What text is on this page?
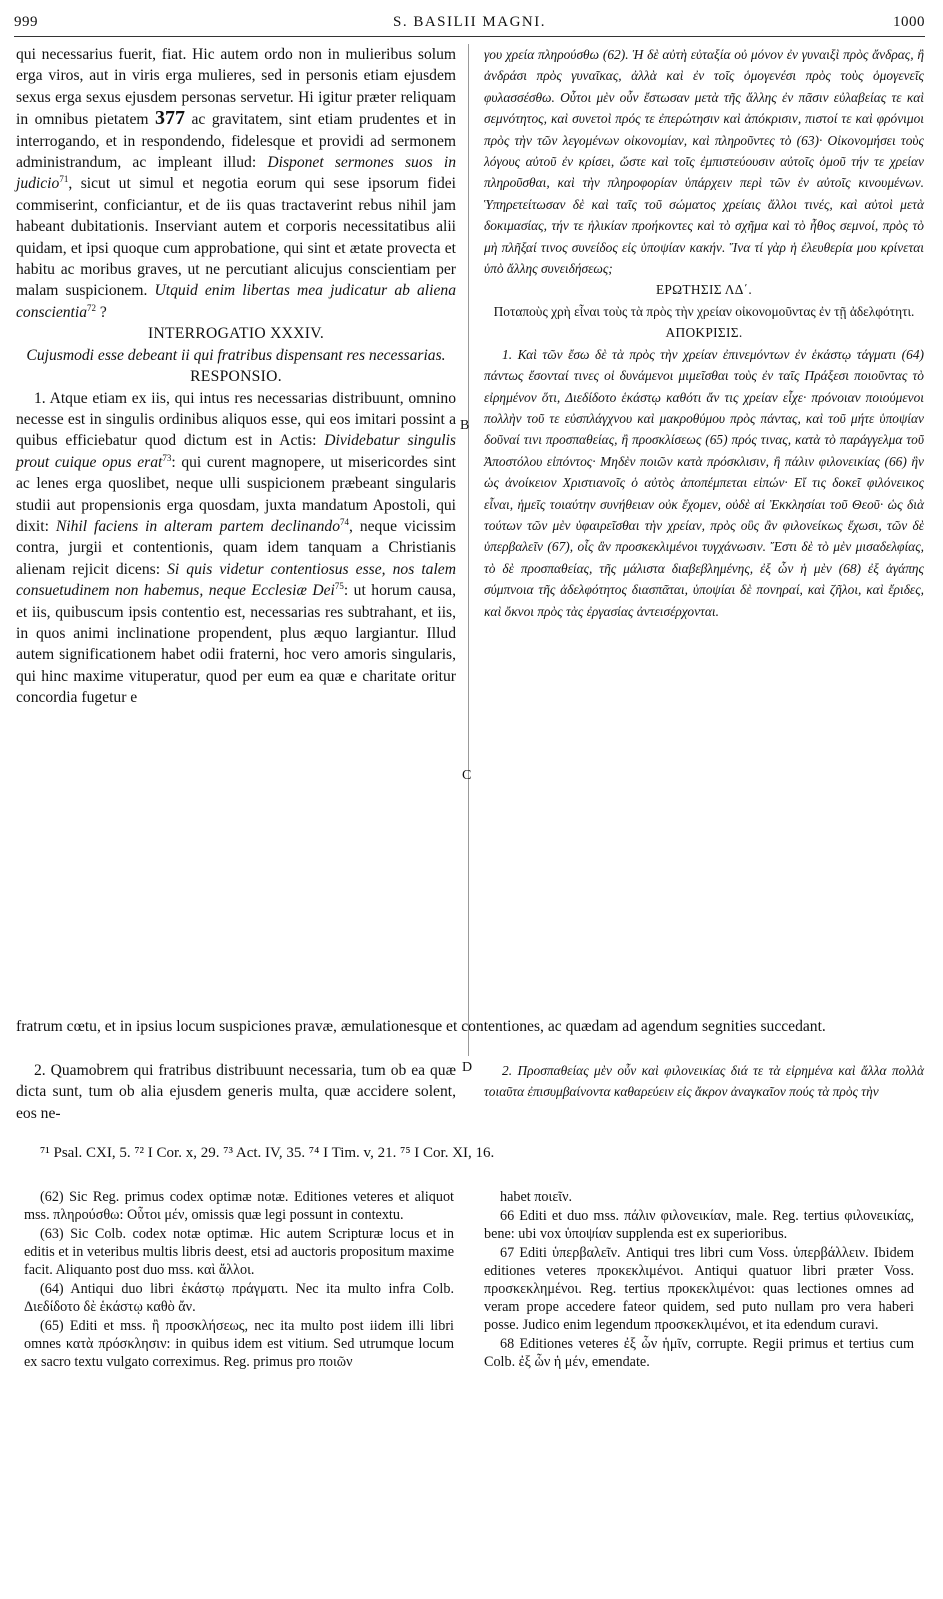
999	S. BASILII MAGNI.	1000

qui necessarius fuerit, fiat. Hic autem ordo non in mulieribus solum erga viros, aut in viris erga mulieres, sed in personis etiam ejusdem sexus erga sexus ejusdem personas servetur. Hi igitur præter reliquam in omnibus pietatem 377 ac gravitatem, sint etiam prudentes et in interrogando, et in respondendo, fidelesque et providi ad sermonem administrandum, ac impleant illud: Disponet sermones suos in judicio$^{71}$, sicut ut simul et negotia eorum qui sese ipsorum fidei commiserint, conficiantur, et de iis quas tractaverint rebus nihil jam habeant dubitationis. Inserviant autem et corporis necessitatibus alii quidam, et ipsi quoque cum approbatione, qui sint et ætate provecta et habitu ac moribus graves, ut ne percutiant alicujus conscientiam per malam suspicionem. Utquid enim libertas mea judicatur ab aliena conscientia$^{72}$ ?

INTERROGATIO XXXIV.

Cujusmodi esse debeant ii qui fratribus dispensant res necessarias.

RESPONSIO.

1. Atque etiam ex iis, qui intus res necessarias distribuunt, omnino necesse est in singulis ordinibus aliquos esse, qui eos imitari possint a quibus efficiebatur quod dictum est in Actis: Dividebatur singulis prout cuique opus erat$^{73}$: qui curent magnopere, ut misericordes sint ac lenes erga quoslibet, neque ulli suspicionem præbeant singularis studii aut propensionis erga quosdam, juxta mandatum Apostoli, qui dixit: Nihil faciens in alteram partem declinando$^{74}$, neque vicissim contra, jurgii et contentionis, quam idem tanquam a Christianis alienam rejicit dicens: Si quis videtur contentiosus esse, nos talem consuetudinem non habemus, neque Ecclesiæ Dei$^{75}$: ut horum causa, et iis, quibuscum ipsis contentio est, necessarias res subtrahant, et iis, in quos animi inclinatione propendent, plus æquo largiantur. Illud autem significationem habet odii fraterni, hoc vero amoris singularis, qui hinc maxime vituperatur, quod per eum ea quæ e charitate oritur concordia fugetur e

γου χρεία πληρούσθω (62). Ἡ δὲ αὐτὴ εὐταξία οὐ μόνον ἐν γυναιξὶ πρὸς ἄνδρας, ἢ ἀνδράσι πρὸς γυναῖκας, ἀλλὰ καὶ ἐν τοῖς ὁμογενέσι πρὸς τοὺς ὁμογενεῖς φυλασσέσθω. Οὗτοι μὲν οὖν ἔστωσαν μετὰ τῆς ἄλλης ἐν πᾶσιν εὐλαβείας τε καὶ σεμνότητος, καὶ συνετοὶ πρός τε ἐπερώτησιν καὶ ἀπόκρισιν, πιστοί τε καὶ φρόνιμοι πρὸς τὴν τῶν λεγομένων οἰκονομίαν, καὶ πληροῦντες τὸ (63)· Οἰκονομήσει τοὺς λόγους αὐτοῦ ἐν κρίσει, ὥστε καὶ τοῖς ἐμπιστεύουσιν αὐτοῖς ὁμοῦ τήν τε χρείαν πληροῦσθαι, καὶ τὴν πληροφορίαν ὑπάρχειν περὶ τῶν ἐν αὐτοῖς κινουμένων. Ὑπηρετείτωσαν δὲ καὶ ταῖς τοῦ σώματος χρείαις ἄλλοι τινές, καὶ αὐτοὶ μετὰ δοκιμασίας, τήν τε ἡλικίαν προήκοντες καὶ τὸ σχῆμα καὶ τὸ ἦθος σεμνοί, πρὸς τὸ μὴ πλῆξαί τινος συνείδος εἰς ὑποψίαν κακήν. Ἵνα τί γὰρ ἡ ἐλευθερία μου κρίνεται ὑπὸ ἄλλης συνειδήσεως;

ΕΡΩΤΗΣΙΣ ΛΔ΄.

Ποταποὺς χρὴ εἶναι τοὺς τὰ πρὸς τὴν χρείαν οἰκονομοῦντας ἐν τῇ ἀδελφότητι.

ΑΠΟΚΡΙΣΙΣ.

1. Καὶ τῶν ἔσω δὲ τὰ πρὸς τὴν χρείαν ἐπινεμόντων ἐν ἑκάστῳ τάγματι (64) πάντως ἔσονταί τινες οἱ δυνάμενοι μιμεῖσθαι τοὺς ἐν ταῖς Πράξεσι ποιοῦντας τὸ εἰρημένον ὅτι, Διεδίδοτο ἑκάστῳ καθότι ἄν τις χρείαν εἶχε· πρόνοιαν ποιούμενοι πολλὴν τοῦ τε εὐσπλάγχνου καὶ μακροθύμου πρὸς πάντας, καὶ τοῦ μήτε ὑποψίαν δοῦναί τινι προσπαθείας, ἢ προσκλίσεως (65) πρός τινας, κατὰ τὸ παράγγελμα τοῦ Ἀποστόλου εἰπόντος· Μηδὲν ποιῶν κατὰ πρόσκλισιν, ἢ πάλιν φιλονεικίας (66) ἣν ὡς ἀνοίκειον Χριστιανοῖς ὁ αὐτὸς ἀποπέμπεται εἰπών· Εἴ τις δοκεῖ φιλόνεικος εἶναι, ἡμεῖς τοιαύτην συνήθειαν οὐκ ἔχομεν, οὐδὲ αἱ Ἐκκλησίαι τοῦ Θεοῦ· ὡς διὰ τούτων τῶν μὲν ὑφαιρεῖσθαι τὴν χρείαν, πρὸς οὓς ἂν φιλονείκως ἔχωσι, τῶν δὲ ὑπερβαλεῖν (67), οἷς ἂν προσκεκλιμένοι τυγχάνωσιν. Ἔστι δὲ τὸ μὲν μισαδελφίας, τὸ δὲ προσπαθείας, τῆς μάλιστα διαβεβλημένης, ἐξ ὧν ἡ μὲν (68) ἐξ ἀγάπης σύμπνοια τῆς ἀδελφότητος διασπᾶται, ὑποψίαι δὲ πονηραί, καὶ ζῆλοι, καὶ ἔριδες, καὶ ὄκνοι πρὸς τὰς ἐργασίας ἀντεισέρχονται.

B
C
fratrum cœtu, et in ipsius locum suspiciones pravæ, æmulationesque et contentiones, ac quædam ad agendum segnities succedant.

2. Quamobrem qui fratribus distribuunt necessaria, tum ob ea quæ dicta sunt, tum ob alia ejusdem generis multa, quæ accidere solent, eos ne-

D	2. Προσπαθείας μὲν οὖν καὶ φιλονεικίας διά τε τὰ εἰρημένα καὶ ἄλλα πολλὰ τοιαῦτα ἐπισυμβαίνοντα καθαρεύειν εἰς ἄκρον ἀναγκαῖον πούς τὰ πρὸς τὴν

⁷¹ Psal. CXI, 5. ⁷² I Cor. x, 29. ⁷³ Act. IV, 35. ⁷⁴ I Tim. v, 21. ⁷⁵ I Cor. XI, 16.

(62) Sic Reg. primus codex optimæ notæ. Editiones veteres et aliquot mss. πληρούσθω: Οὗτοι μέν, omissis quæ legi possunt in contextu.

(63) Sic Colb. codex notæ optimæ. Hic autem Scripturæ locus et in editis et in veteribus multis libris deest, etsi ad auctoris propositum maxime facit. Aliquanto post duo mss. καὶ ἄλλοι.

(64) Antiqui duo libri ἑκάστῳ πράγματι. Nec ita multo infra Colb. Διεδίδοτο δὲ ἑκάστῳ καθὸ ἄν.

(65) Editi et mss. ἢ προσκλήσεως, nec ita multo post iidem illi libri omnes κατὰ πρόσκλησιν: in quibus idem est vitium. Sed utrumque locum ex sacro textu vulgato correximus. Reg. primus pro ποιῶν

habet ποιεῖν.

66 Editi et duo mss. πάλιν φιλονεικίαν, male. Reg. tertius φιλονεικίας, bene: ubi vox ὑποψίαν supplenda est ex superioribus.

67 Editi ὑπερβαλεῖν. Antiqui tres libri cum Voss. ὑπερβάλλειν. Ibidem editiones veteres προκεκλιμένοι. Antiqui quatuor libri præter Voss. προσκεκλημένοι. Reg. tertius προκεκλιμένοι: quas lectiones omnes ad veram prope accedere fateor quidem, sed puto nullam pro vera haberi posse. Judico enim legendum προσκεκλιμένοι, et ita edendum curavi.

68 Editiones veteres ἐξ ὧν ἡμῖν, corrupte. Regii primus et tertius cum Colb. ἐξ ὧν ἡ μέν, emendate.
